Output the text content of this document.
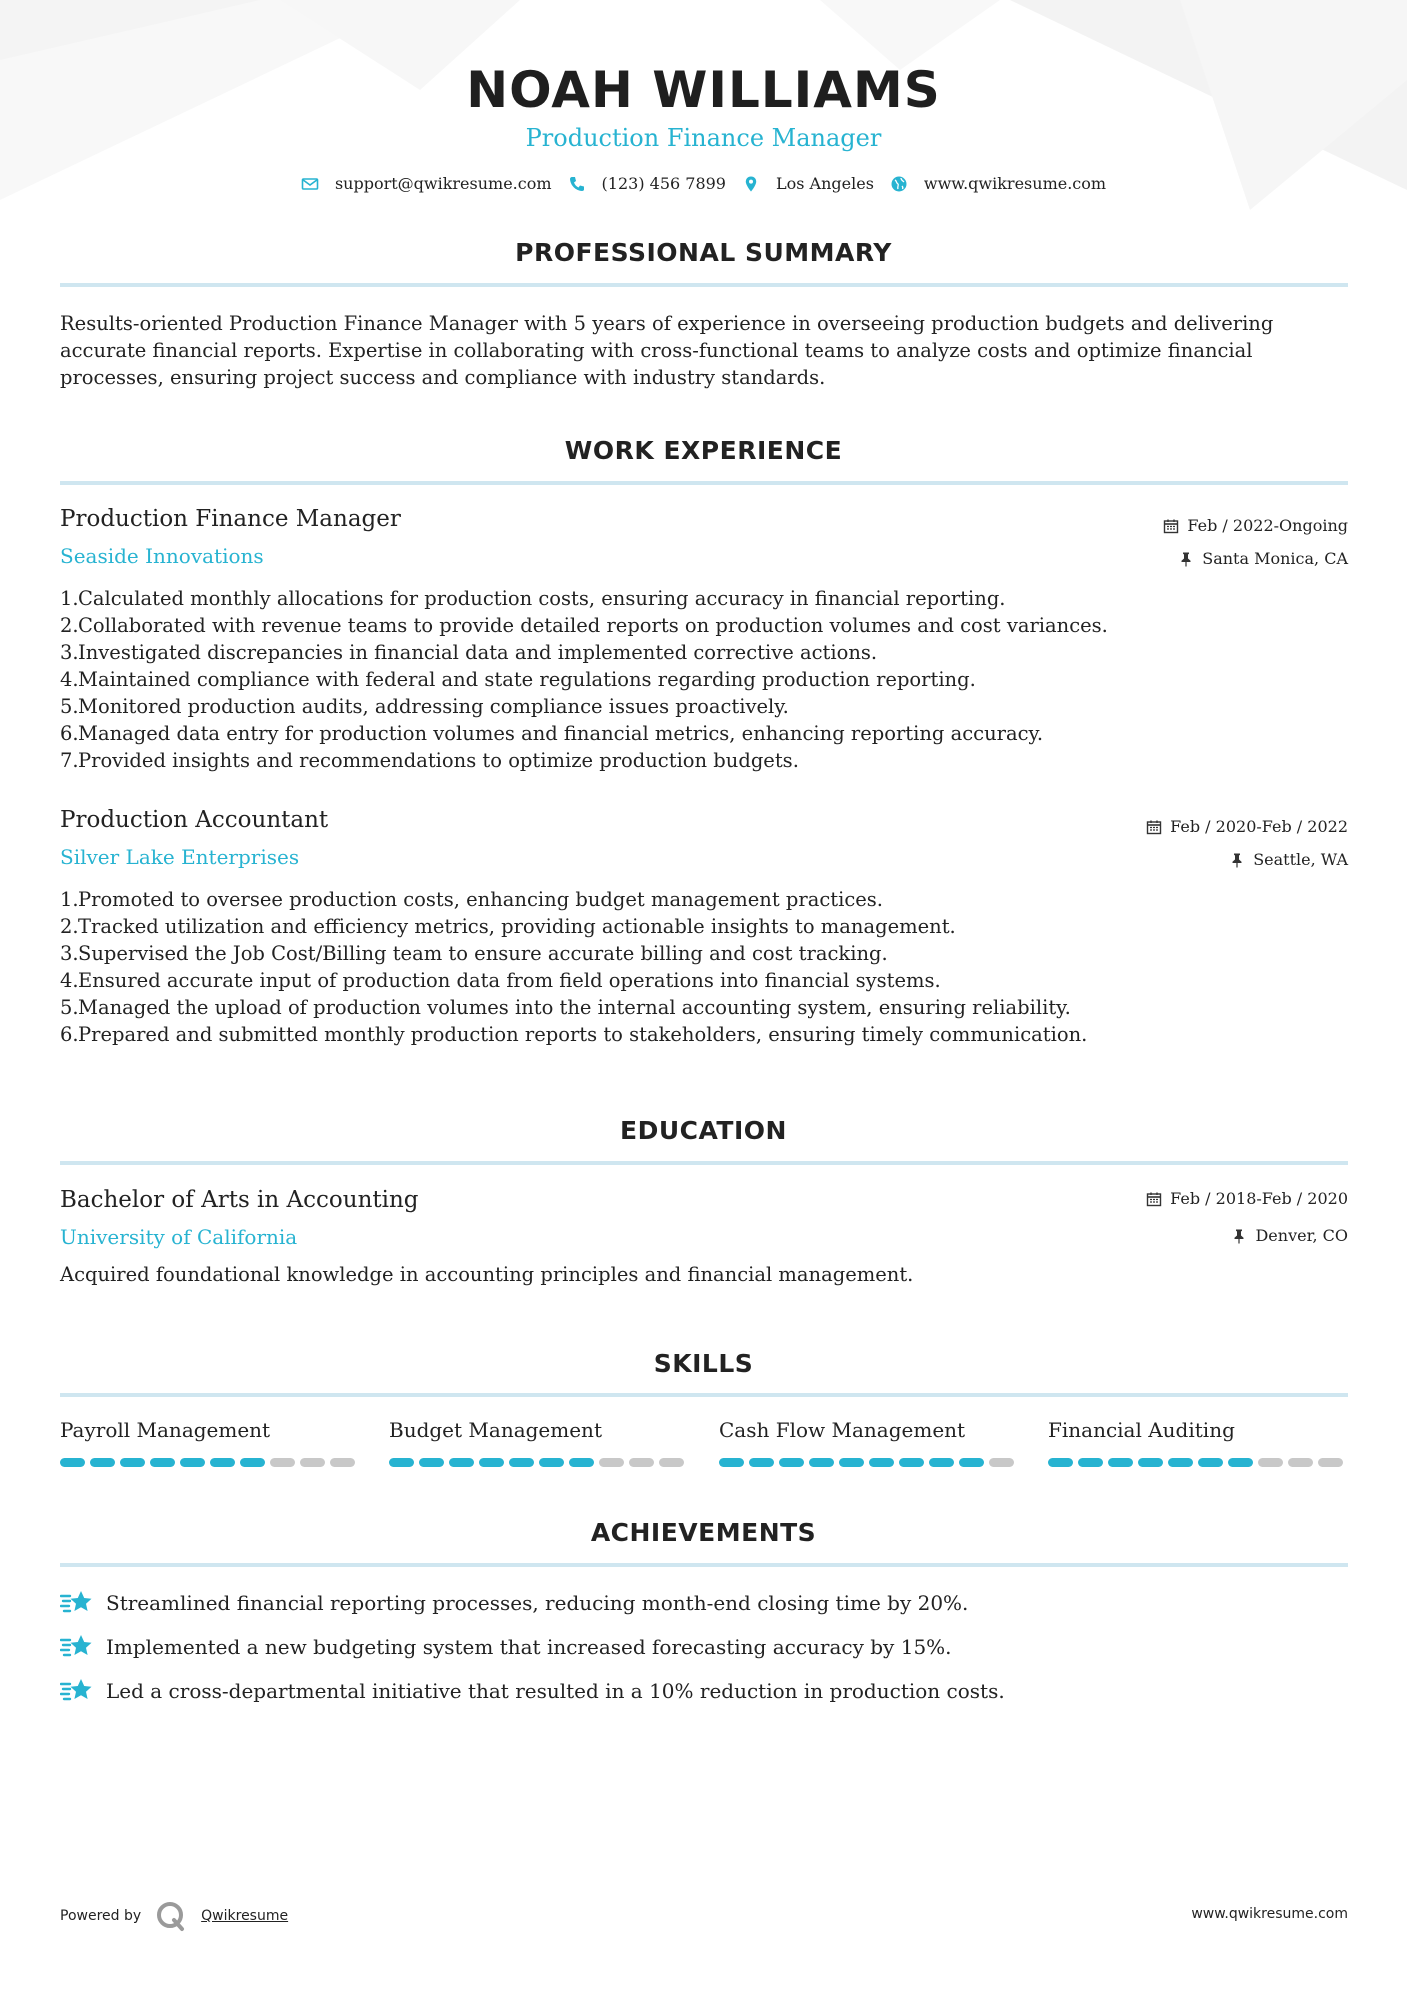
NOAH WILLIAMS
Production Finance Manager
support@qwikresume.com	(123) 456 7899	Los Angeles	www.qwikresume.com
PROFESSIONAL SUMMARY
Results-oriented Production Finance Manager with 5 years of experience in overseeing production budgets and delivering accurate financial reports. Expertise in collaborating with cross-functional teams to analyze costs and optimize financial processes, ensuring project success and compliance with industry standards.
WORK EXPERIENCE
Production Finance Manager
Seaside Innovations
Feb / 2022-Ongoing
Santa Monica, CA
1. Calculated monthly allocations for production costs, ensuring accuracy in financial reporting.
2. Collaborated with revenue teams to provide detailed reports on production volumes and cost variances.
3. Investigated discrepancies in financial data and implemented corrective actions.
4. Maintained compliance with federal and state regulations regarding production reporting.
5. Monitored production audits, addressing compliance issues proactively.
6. Managed data entry for production volumes and financial metrics, enhancing reporting accuracy.
7. Provided insights and recommendations to optimize production budgets.
Production Accountant
Silver Lake Enterprises
Feb / 2020-Feb / 2022
Seattle, WA
1. Promoted to oversee production costs, enhancing budget management practices.
2. Tracked utilization and efficiency metrics, providing actionable insights to management.
3. Supervised the Job Cost/Billing team to ensure accurate billing and cost tracking.
4. Ensured accurate input of production data from field operations into financial systems.
5. Managed the upload of production volumes into the internal accounting system, ensuring reliability.
6. Prepared and submitted monthly production reports to stakeholders, ensuring timely communication.
EDUCATION
Bachelor of Arts in Accounting
University of California
Feb / 2018-Feb / 2020
Denver, CO
Acquired foundational knowledge in accounting principles and financial management.
SKILLS
Payroll Management	Budget Management	Cash Flow Management	Financial Auditing
ACHIEVEMENTS
Streamlined financial reporting processes, reducing month-end closing time by 20%.
Implemented a new budgeting system that increased forecasting accuracy by 15%.
Led a cross-departmental initiative that resulted in a 10% reduction in production costs.
Powered by	Qwikresume	www.qwikresume.com
